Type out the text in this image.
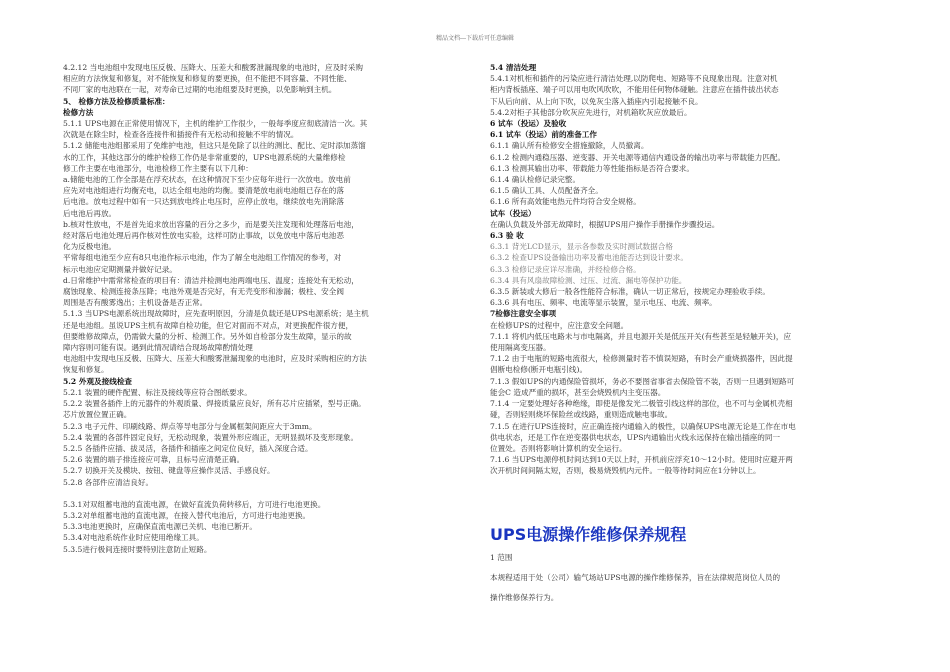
精品文档---下载后可任意编辑
4.2.12 当电池组中发现电压反极、压降大、压差大和酸雾泄漏现象的电池时，应及时采购
相应的方法恢复和修复，对不能恢复和修复的要更换，但不能把不同容量、不同性能、
不同厂家的电池联在一起，对寿命已过期的电池组要及时更换，以免影响到主机。
5、 检修方法及检修质量标准：
检修方法
5.1.1 UPS电源在正常使用情况下，主机的维护工作很少，一般每季度应彻底清洁一次。其
次就是在除尘时，检查各连接件和插接件有无松动和接触不牢的情况。
5.1.2 储能电池组都采用了免维护电池，但这只是免除了以往的测比、配比、定时添加蒸馏
水的工作，其他这部分的维护检修工作仍是非常重要的，UPS电源系统的大量维修检
修工作主要在电池部分，电池检修工作主要有以下几种：
a.储能电池的工作全部是在浮充状态，在这种情况下至少应每年进行一次放电。放电前
应先对电池组进行均衡充电，以达全组电池的均衡。要清楚放电前电池组已存在的落
后电池。放电过程中如有一只达到放电终止电压时，应停止放电，继续放电先消除落
后电池后再放。
b.核对性放电，不是首先追求放出容量的百分之多少，而是要关注发现和处理落后电池，
经对落后电池处理后再作核对性放电实验，这样可防止事故，以免放电中落后电池恶
化为反极电池。
平常每组电池至少应有8只电池作标示电池，作为了解全电池组工作情况的参考，对
标示电池应定期测量并做好记录。
d.日常维护中需常常检查的项目有：清洁并检测电池两端电压、温度；连接处有无松动，
腐蚀现象、检测连接条压降；电池外观是否完好，有无壳变形和渗漏；极柱、安全阀
周围是否有酸雾逸出；主机设备是否正常。
5.1.3 当UPS电源系统出现故障时，应先查明原因，分清是负载还是UPS电源系统；是主机
还是电池组。虽说UPS主机有故障自检功能，但它对面而不对点，对更换配件很方便，
但要维修故障点，仍需做大量的分析、检测工作。另外如自检部分发生故障，显示的故
障内容则可能有误。遇到此情况请结合现场故障酌情处理
电池组中发现电压反极、压降大、压差大和酸雾泄漏现象的电池时，应及时采购相应的方法
恢复和修复。
5.2 外观及接线检查
5.2.1 装置的硬件配置、标注及接线等应符合图纸要求。
5.2.2 装置各插件上的元器件的外观质量、焊接质量应良好，所有芯片应插紧，型号正确。
芯片放置位置正确。
5.2.3 电子元件、印刷线路、焊点等导电部分与金属框架间距应大于3mm。
5.2.4 装置的各部件固定良好，无松动现象，装置外形应端正，无明显损坏及变形现象。
5.2.5 各插件应插、拔灵活，各插件和插座之间定位良好，插入深度合适。
5.2.6 装置的端子排连接应可靠，且标号应清楚正确。
5.2.7 切换开关及模块、按钮、键盘等应操作灵活、手感良好。
5.2.8 各部件应清洁良好。
5.3.1对双组蓄电池的直流电源，在做好直流负荷转移后，方可进行电池更换。
5.3.2对单组蓄电池的直流电源，在接入替代电池后，方可进行电池更换。
5.3.3电池更换时，应确保直流电源已关机、电池已断开。
5.3.4对电池系统作业时应使用绝缘工具。
5.3.5进行极间连接时要特别注意防止短路。
5.4 清洁处理
5.4.1对机柜和插件的污染应进行清洁处理,以防爬电、短路等不良现象出现。注意对机
柜内背板插座、端子可以用电吹风吹吹，不能用任何物体碰触。注意应在插件拔出状态
下从后向前、从上向下吹，以免灰尘落入插座内引起接触不良。
5.4.2对柜子其他部分吹灰应先进行，对机箱吹灰应放最后。
6 试车（投运）及验收
6.1 试车（投运）前的准备工作
6.1.1 确认所有检修安全措施撤除，人员撤离。
6.1.2 检测内通稳压器、逆变器、开关电源等通信内通设备的输出功率与带载能力匹配。
6.1.3 检测其输出功率、带载能力等性能指标是否符合要求。
6.1.4 确认检修记录完整。
6.1.5 确认工具、人员配备齐全。
6.1.6 所有高效能电热元件均符合安全规格。
试车（投运）
在确认负载及外部无故障时，根据UPS用户操作手册操作步骤投运。
6.3 验 收
6.3.1 背光LCD显示，显示各参数及实时测试数据合格
6.3.2 检查UPS设备输出功率及蓄电池能否达到设计要求。
6.3.3 检修记录应详尽准确，并经检修合格。
6.3.4 具有风扇故障检测、过压、过流、漏电等保护功能。
6.3.5 新装或大修后一般各性能符合标准，确认一切正常后，按规定办理验收手续。
6.3.6 具有电压、频率、电流等显示装置，显示电压、电流、频率。
7检修注意安全事项
在检修UPS的过程中，应注意安全问题。
7.1.1 将机内低压电路未与市电隔离，并且电源开关是低压开关(有些甚至是轻触开关)，应
使用隔离变压器。
7.1.2 由于电瓶的短路电流很大，检修测量时若不慎误短路，有时会产重烧损器件，因此提
倡断电检修(断开电瓶引线)。
7.1.3 假如UPS的内通保险管损坏，务必不要图省事省去保险管不装，否则一旦遇到短路可
能会C 造成严重的损坏，甚至会烧毁机内主变压器。
7.1.4 一定要处理好各种绝缘，即使是像发光二极管引线这样的部位，也不可与金属机壳相
碰，否则轻则烧坏保险丝或线路，重则造成触电事故。
7.1.5 在进行UPS连接时，应正确连接内通输入的极性，以确保UPS电源无论是工作在市电
供电状态，还是工作在逆变器供电状态，UPS内通输出火线永远保持在输出插座的同一
位置处。否则将影响计算机的安全运行。
7.1.6 当UPS电源停机时间达到10天以上时，开机前应浮充10～12小时。使用时应避开两
次开机时间间隔太短，否则，极易烧毁机内元件。一般等待时间应在1分钟以上。
UPS电源操作维修保养规程
1 范围
本规程适用于处（公司）输气场站UPS电源的操作维修保养，旨在法律规范岗位人员的
操作维修保养行为。
